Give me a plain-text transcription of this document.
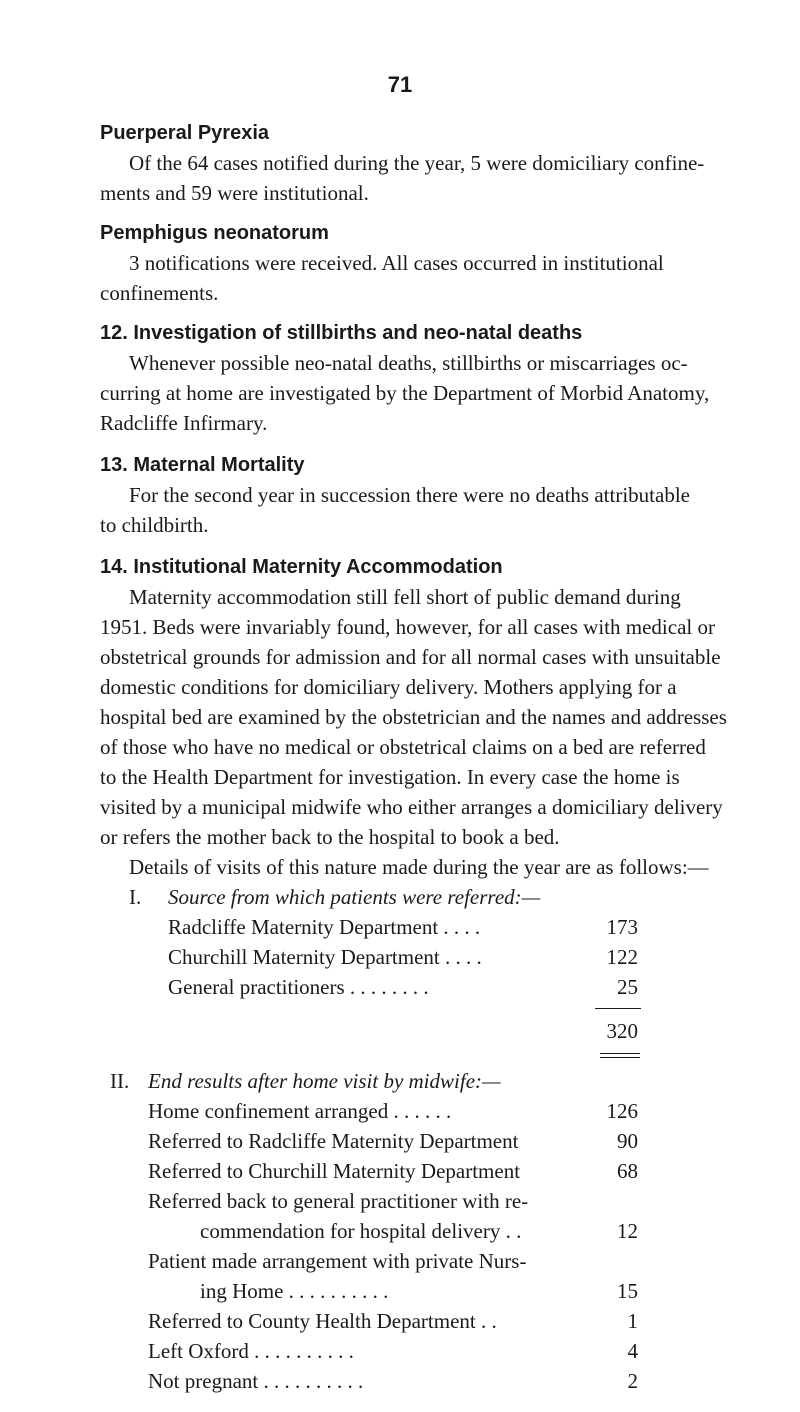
71
Puerperal Pyrexia
Of the 64 cases notified during the year, 5 were domiciliary confine-
ments and 59 were institutional.
Pemphigus neonatorum
3 notifications were received. All cases occurred in institutional
confinements.
12. Investigation of stillbirths and neo-natal deaths
Whenever possible neo-natal deaths, stillbirths or miscarriages oc-
curring at home are investigated by the Department of Morbid Anatomy,
Radcliffe Infirmary.
13. Maternal Mortality
For the second year in succession there were no deaths attributable
to childbirth.
14. Institutional Maternity Accommodation
Maternity accommodation still fell short of public demand during
1951. Beds were invariably found, however, for all cases with medical or
obstetrical grounds for admission and for all normal cases with unsuitable
domestic conditions for domiciliary delivery. Mothers applying for a
hospital bed are examined by the obstetrician and the names and addresses
of those who have no medical or obstetrical claims on a bed are referred
to the Health Department for investigation. In every case the home is
visited by a municipal midwife who either arranges a domiciliary delivery
or refers the mother back to the hospital to book a bed.
Details of visits of this nature made during the year are as follows:—
I. Source from which patients were referred:—
Radcliffe Maternity Department . . . .	173
Churchill Maternity Department . . . .	122
General practitioners . . . . . . . .	25
320
II. End results after home visit by midwife:—
Home confinement arranged . . . . . .	126
Referred to Radcliffe Maternity Department	90
Referred to Churchill Maternity Department	68
Referred back to general practitioner with re-
commendation for hospital delivery . .	12
Patient made arrangement with private Nurs-
ing Home . . . . . . . . . .	15
Referred to County Health Department . .	1
Left Oxford . . . . . . . . . .	4
Not pregnant . . . . . . . . . .	2
